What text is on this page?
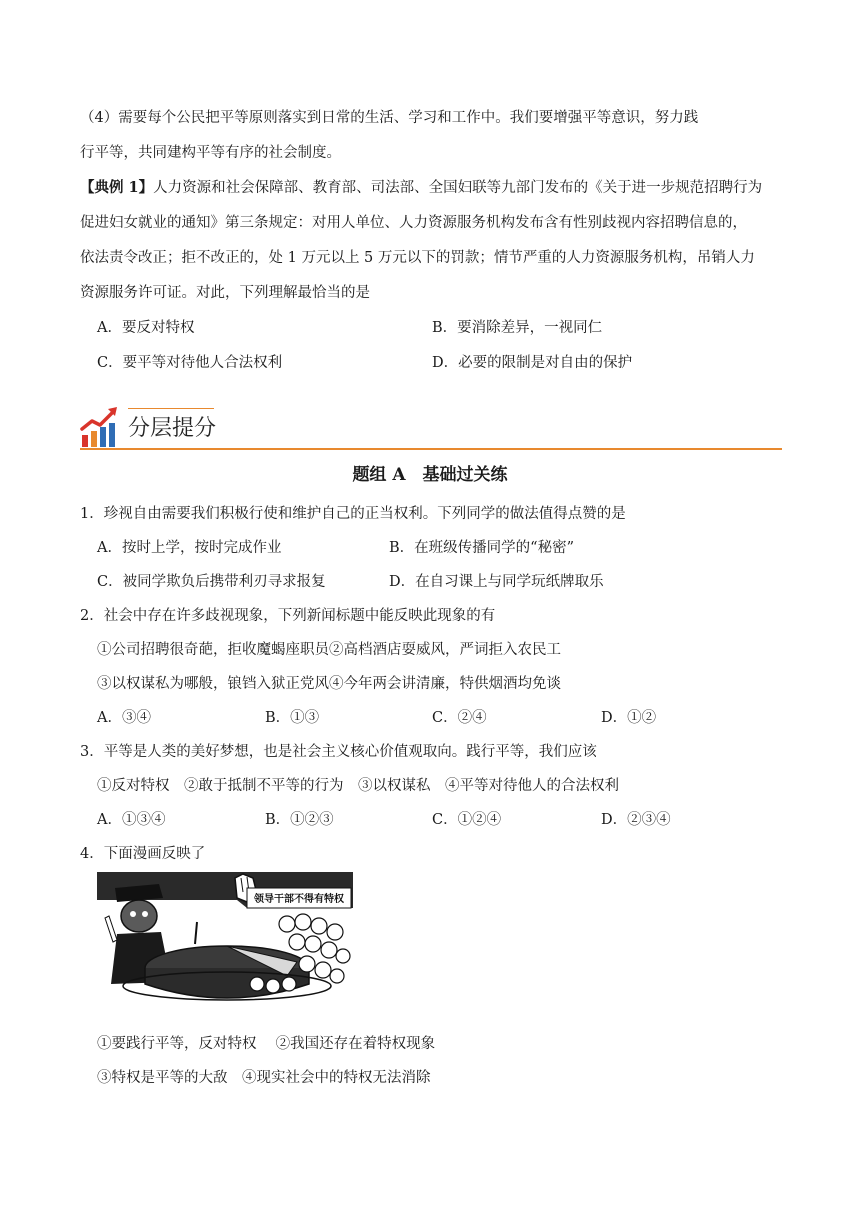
（4）需要每个公民把平等原则落实到日常的生活、学习和工作中。我们要增强平等意识，努力践
行平等，共同建构平等有序的社会制度。
【典例 1】人力资源和社会保障部、教育部、司法部、全国妇联等九部门发布的《关于进一步规范招聘行为
促进妇女就业的通知》第三条规定：对用人单位、人力资源服务机构发布含有性别歧视内容招聘信息的，
依法责令改正；拒不改正的，处 1 万元以上 5 万元以下的罚款；情节严重的人力资源服务机构，吊销人力
资源服务许可证。对此，下列理解最恰当的是
A．要反对特权	B．要消除差异，一视同仁
C．要平等对待他人合法权利	D．必要的限制是对自由的保护
分层提分
题组 A　基础过关练
1．珍视自由需要我们积极行使和维护自己的正当权利。下列同学的做法值得点赞的是
A．按时上学，按时完成作业	B．在班级传播同学的“秘密”
C．被同学欺负后携带利刃寻求报复	D．在自习课上与同学玩纸牌取乐
2．社会中存在许多歧视现象，下列新闻标题中能反映此现象的有
①公司招聘很奇葩，拒收魔蝎座职员②高档酒店耍威风，严词拒入农民工
③以权谋私为哪般，锒铛入狱正党风④今年两会讲清廉，特供烟酒均免谈
A．③④	B．①③	C．②④	D．①②
3．平等是人类的美好梦想，也是社会主义核心价值观取向。践行平等，我们应该
①反对特权　②敢于抵制不平等的行为　③以权谋私　④平等对待他人的合法权利
A．①③④	B．①②③	C．①②④	D．②③④
4．下面漫画反映了
领导干部不得有特权
①要践行平等，反对特权　 ②我国还存在着特权现象
③特权是平等的大敌　④现实社会中的特权无法消除
